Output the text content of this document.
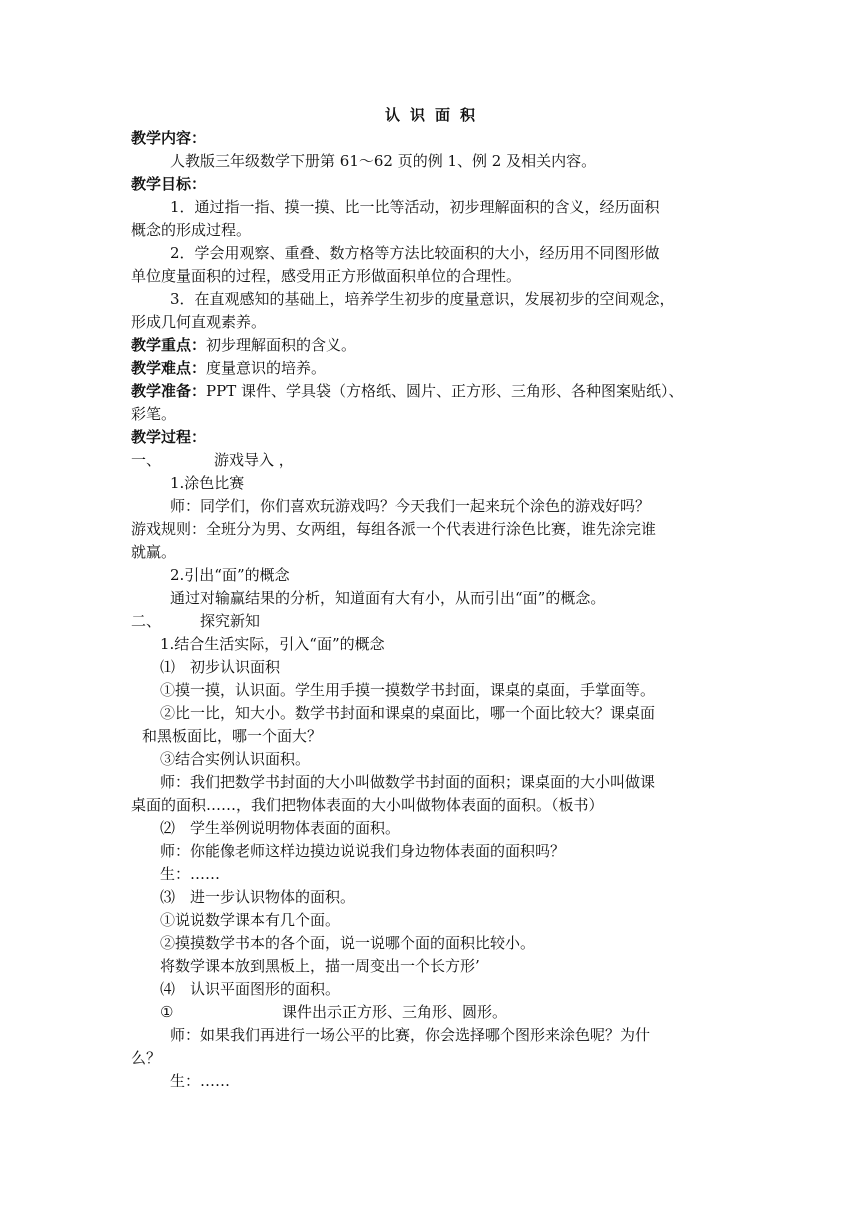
认识面积
教学内容：
人教版三年级数学下册第 61～62 页的例 1、例 2 及相关内容。
教学目标：
1．通过指一指、摸一摸、比一比等活动，初步理解面积的含义，经历面积
概念的形成过程。
2．学会用观察、重叠、数方格等方法比较面积的大小，经历用不同图形做
单位度量面积的过程，感受用正方形做面积单位的合理性。
3．在直观感知的基础上，培养学生初步的度量意识，发展初步的空间观念，
形成几何直观素养。
教学重点：初步理解面积的含义。
教学难点：度量意识的培养。
教学准备：PPT 课件、学具袋（方格纸、圆片、正方形、三角形、各种图案贴纸）、
彩笔。
教学过程：
一、	游戏导入 ，
1.涂色比赛
师：同学们，你们喜欢玩游戏吗？今天我们一起来玩个涂色的游戏好吗？
游戏规则：全班分为男、女两组，每组各派一个代表进行涂色比赛，谁先涂完谁
就赢。
2.引出“面”的概念
通过对输赢结果的分析，知道面有大有小，从而引出“面”的概念。
二、	探究新知
1.结合生活实际，引入“面”的概念
⑴ 初步认识面积
①摸一摸，认识面。学生用手摸一摸数学书封面，课桌的桌面，手掌面等。
②比一比，知大小。数学书封面和课桌的桌面比，哪一个面比较大？课桌面
和黑板面比，哪一个面大？
③结合实例认识面积。
师：我们把数学书封面的大小叫做数学书封面的面积；课桌面的大小叫做课
桌面的面积……，我们把物体表面的大小叫做物体表面的面积。（板书）
⑵ 学生举例说明物体表面的面积。
师：你能像老师这样边摸边说说我们身边物体表面的面积吗？
生：……
⑶ 进一步认识物体的面积。
①说说数学课本有几个面。
②摸摸数学书本的各个面，说一说哪个面的面积比较小。
将数学课本放到黑板上，描一周变出一个长方形’
⑷ 认识平面图形的面积。
①	课件出示正方形、三角形、圆形。
师：如果我们再进行一场公平的比赛，你会选择哪个图形来涂色呢？为什
么？
生：……
